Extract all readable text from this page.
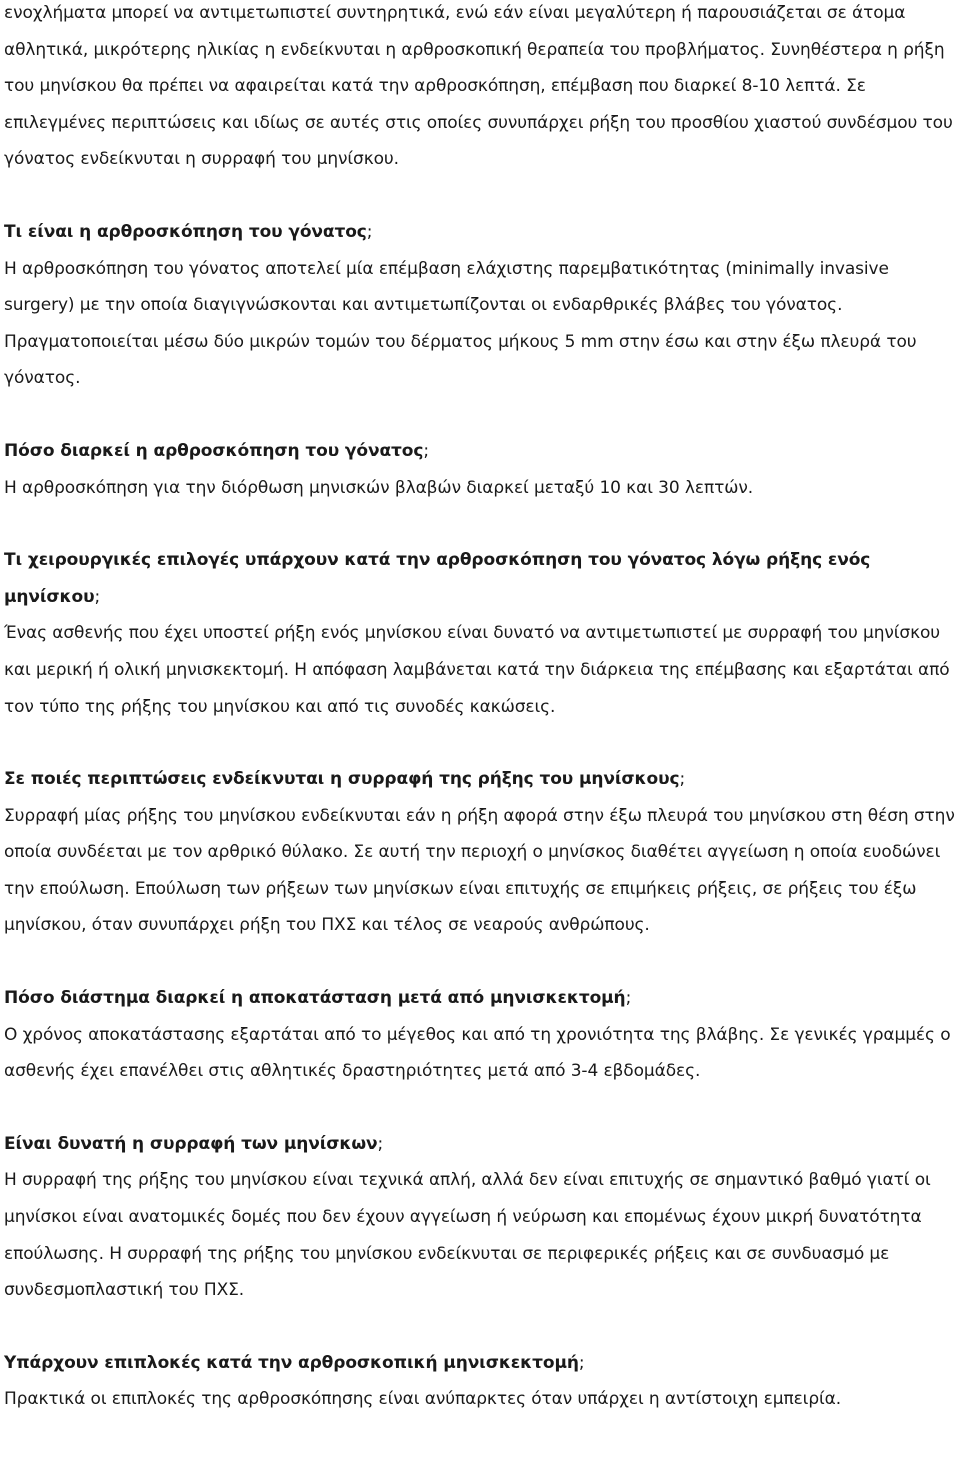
ενοχλήματα μπορεί να αντιμετωπιστεί συντηρητικά, ενώ εάν είναι μεγαλύτερη ή παρουσιάζεται σε άτομα αθλητικά, μικρότερης ηλικίας η ενδείκνυται η αρθροσκοπική θεραπεία του προβλήματος. Συνηθέστερα η ρήξη του μηνίσκου θα πρέπει να αφαιρείται κατά την αρθροσκόπηση, επέμβαση που διαρκεί 8-10 λεπτά. Σε επιλεγμένες περιπτώσεις και ιδίως σε αυτές στις οποίες συνυπάρχει ρήξη του προσθίου χιαστού συνδέσμου του γόνατος ενδείκνυται η συρραφή του μηνίσκου.

Τι είναι η αρθροσκόπηση του γόνατος;

Η αρθροσκόπηση του γόνατος αποτελεί μία επέμβαση ελάχιστης παρεμβατικότητας (minimally invasive surgery) με την οποία διαγιγνώσκονται και αντιμετωπίζονται οι ενδαρθρικές βλάβες του γόνατος. Πραγματοποιείται μέσω δύο μικρών τομών του δέρματος μήκους 5 mm στην έσω και στην έξω πλευρά του γόνατος.

Πόσο διαρκεί η αρθροσκόπηση του γόνατος;

Η αρθροσκόπηση για την διόρθωση μηνισκών βλαβών διαρκεί μεταξύ 10 και 30 λεπτών.

Τι χειρουργικές επιλογές υπάρχουν κατά την αρθροσκόπηση του γόνατος λόγω ρήξης ενός μηνίσκου;

Ένας ασθενής που έχει υποστεί ρήξη ενός μηνίσκου είναι δυνατό να αντιμετωπιστεί με συρραφή του μηνίσκου και μερική ή ολική μηνισκεκτομή. Η απόφαση λαμβάνεται κατά την διάρκεια της επέμβασης και εξαρτάται από τον τύπο της ρήξης του μηνίσκου και από τις συνοδές κακώσεις.

Σε ποιές περιπτώσεις ενδείκνυται η συρραφή της ρήξης του μηνίσκους;

Συρραφή μίας ρήξης του μηνίσκου ενδείκνυται εάν η ρήξη αφορά στην έξω πλευρά του μηνίσκου στη θέση στην οποία συνδέεται με τον αρθρικό θύλακο. Σε αυτή την περιοχή ο μηνίσκος διαθέτει αγγείωση η οποία ευοδώνει την επούλωση. Επούλωση των ρήξεων των μηνίσκων είναι επιτυχής σε επιμήκεις ρήξεις, σε ρήξεις του έξω μηνίσκου, όταν συνυπάρχει ρήξη του ΠΧΣ και τέλος σε νεαρούς ανθρώπους.

Πόσο διάστημα διαρκεί η αποκατάσταση μετά από μηνισκεκτομή;

Ο χρόνος αποκατάστασης εξαρτάται από το μέγεθος και από τη χρονιότητα της βλάβης. Σε γενικές γραμμές ο ασθενής έχει επανέλθει στις αθλητικές δραστηριότητες μετά από 3-4 εβδομάδες.

Είναι δυνατή η συρραφή των μηνίσκων;

Η συρραφή της ρήξης του μηνίσκου είναι τεχνικά απλή, αλλά δεν είναι επιτυχής σε σημαντικό βαθμό γιατί οι μηνίσκοι είναι ανατομικές δομές που δεν έχουν αγγείωση ή νεύρωση και επομένως έχουν μικρή δυνατότητα επούλωσης. Η συρραφή της ρήξης του μηνίσκου ενδείκνυται σε περιφερικές ρήξεις και σε συνδυασμό με συνδεσμοπλαστική του ΠΧΣ.

Υπάρχουν επιπλοκές κατά την αρθροσκοπική μηνισκεκτομή;

Πρακτικά οι επιπλοκές της αρθροσκόπησης είναι ανύπαρκτες όταν υπάρχει η αντίστοιχη εμπειρία.
